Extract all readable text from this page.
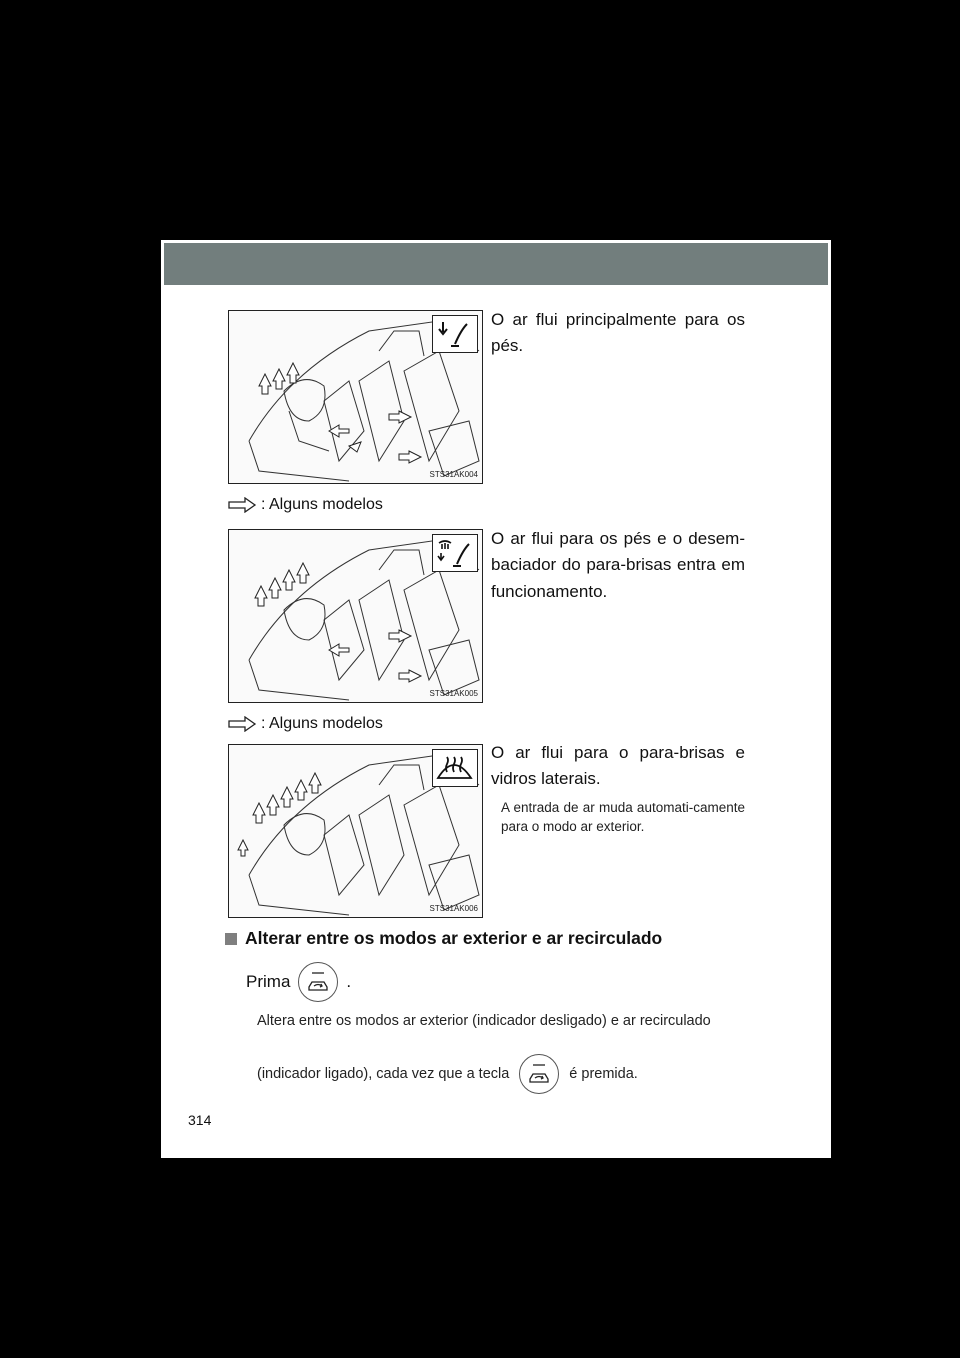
STS31AK004
O ar flui principalmente para os pés.
: Alguns modelos
STS31AK005
O ar flui para os pés e o desem-baciador do para-brisas entra em funcionamento.
: Alguns modelos
STS31AK006
O ar flui para o para-brisas e vidros laterais.
A entrada de ar muda automati-camente para o modo ar exterior.
Alterar entre os modos ar exterior e ar recirculado
Prima	.
Altera entre os modos ar exterior (indicador desligado) e ar recirculado
(indicador ligado), cada vez que a tecla	é premida.
314
